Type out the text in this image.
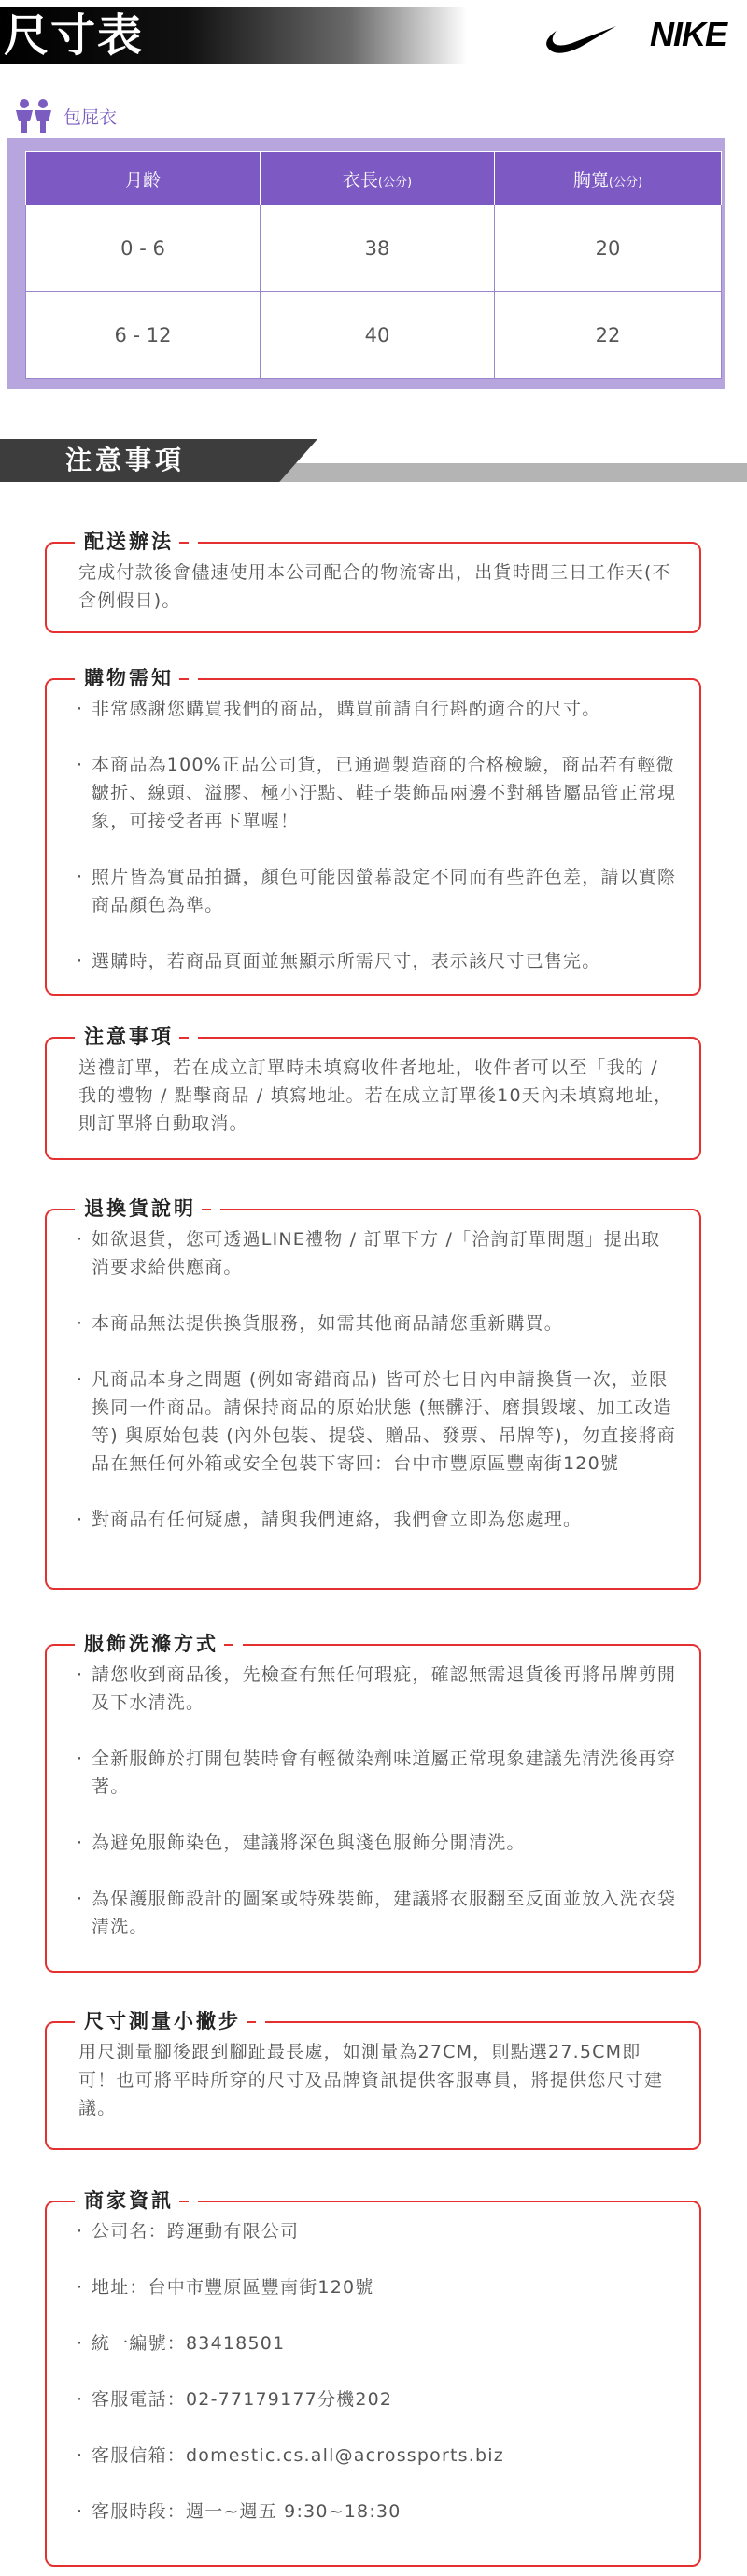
尺寸表	NIKE
包屁衣
月齡	衣長(公分)	胸寬(公分)
0 - 6	38	20
6 - 12	40	22
注意事項
配送辦法

完成付款後會儘速使用本公司配合的物流寄出，出貨時間三日工作天(不含例假日)。

購物需知

· 非常感謝您購買我們的商品，購買前請自行斟酌適合的尺寸。

· 本商品為100%正品公司貨，已通過製造商的合格檢驗，商品若有輕微皺折、線頭、溢膠、極小汙點、鞋子裝飾品兩邊不對稱皆屬品管正常現象，可接受者再下單喔！

· 照片皆為實品拍攝，顏色可能因螢幕設定不同而有些許色差，請以實際商品顏色為準。

· 選購時，若商品頁面並無顯示所需尺寸，表示該尺寸已售完。

注意事項

送禮訂單，若在成立訂單時未填寫收件者地址，收件者可以至「我的 / 我的禮物 / 點擊商品 / 填寫地址。若在成立訂單後10天內未填寫地址，則訂單將自動取消。

退換貨說明

· 如欲退貨，您可透過LINE禮物 / 訂單下方 /「洽詢訂單問題」提出取消要求給供應商。

· 本商品無法提供換貨服務，如需其他商品請您重新購買。

· 凡商品本身之問題 (例如寄錯商品) 皆可於七日內申請換貨一次，並限換同一件商品。請保持商品的原始狀態 (無髒汙、磨損毀壞、加工改造等) 與原始包裝 (內外包裝、提袋、贈品、發票、吊牌等)，勿直接將商品在無任何外箱或安全包裝下寄回：台中市豐原區豐南街120號

· 對商品有任何疑慮，請與我們連絡，我們會立即為您處理。

服飾洗滌方式

· 請您收到商品後，先檢查有無任何瑕疵，確認無需退貨後再將吊牌剪開及下水清洗。

· 全新服飾於打開包裝時會有輕微染劑味道屬正常現象建議先清洗後再穿著。

· 為避免服飾染色，建議將深色與淺色服飾分開清洗。

· 為保護服飾設計的圖案或特殊裝飾，建議將衣服翻至反面並放入洗衣袋清洗。

尺寸測量小撇步

用尺測量腳後跟到腳趾最長處，如測量為27CM，則點選27.5CM即可！也可將平時所穿的尺寸及品牌資訊提供客服專員，將提供您尺寸建議。

商家資訊

· 公司名：跨運動有限公司

· 地址：台中市豐原區豐南街120號

· 統一編號：83418501

· 客服電話：02-77179177分機202

· 客服信箱：domestic.cs.all@acrossports.biz

· 客服時段：週一~週五 9:30~18:30
